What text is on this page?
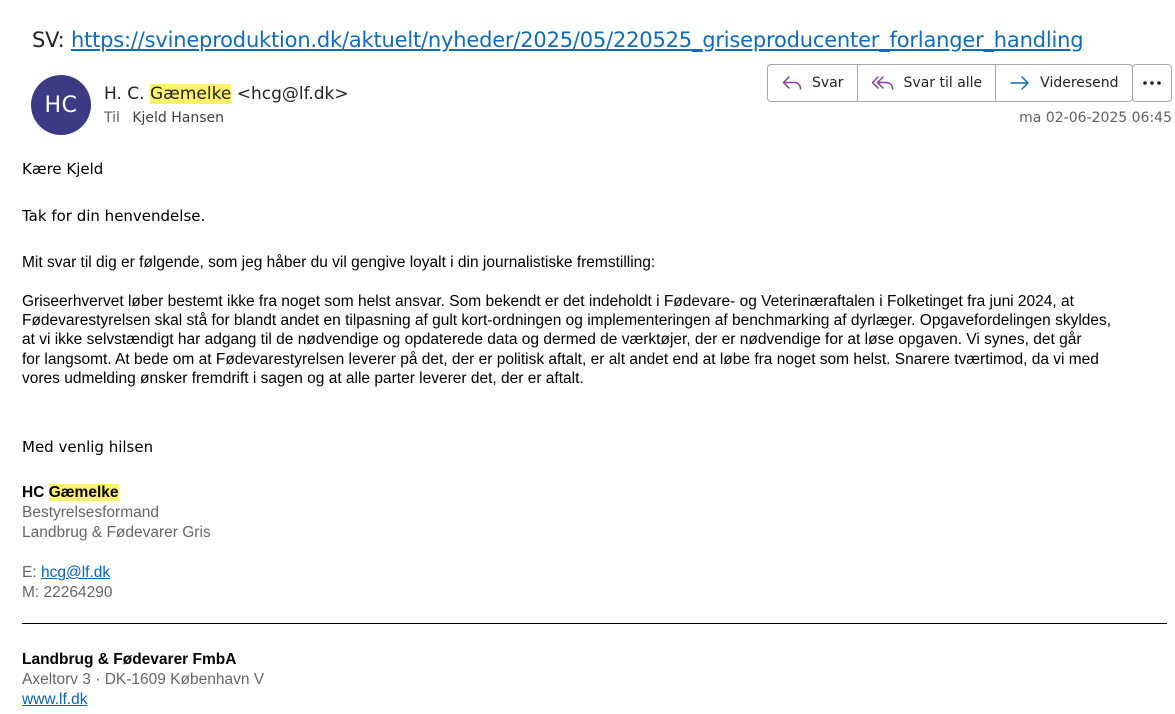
SV: https://svineproduktion.dk/aktuelt/nyheder/2025/05/220525_griseproducenter_forlanger_handling
HC H. C. Gæmelke <hcg@lf.dk>
Til Kjeld Hansen
Svar	Svar til alle	Videresend
ma 02-06-2025 06:45
Kære Kjeld
Tak for din henvendelse.
Mit svar til dig er følgende, som jeg håber du vil gengive loyalt i din journalistiske fremstilling:
Griseerhvervet løber bestemt ikke fra noget som helst ansvar. Som bekendt er det indeholdt i Fødevare- og Veterinæraftalen i Folketinget fra juni 2024, at
Fødevarestyrelsen skal stå for blandt andet en tilpasning af gult kort-ordningen og implementeringen af benchmarking af dyrlæger. Opgavefordelingen skyldes,
at vi ikke selvstændigt har adgang til de nødvendige og opdaterede data og dermed de værktøjer, der er nødvendige for at løse opgaven. Vi synes, det går
for langsomt. At bede om at Fødevarestyrelsen leverer på det, der er politisk aftalt, er alt andet end at løbe fra noget som helst. Snarere tværtimod, da vi med
vores udmelding ønsker fremdrift i sagen og at alle parter leverer det, der er aftalt.
Med venlig hilsen
HC Gæmelke
Bestyrelsesformand
Landbrug & Fødevarer Gris
E: hcg@lf.dk
M: 22264290
Landbrug & Fødevarer FmbA
Axeltorv 3 · DK-1609 København V
www.lf.dk
